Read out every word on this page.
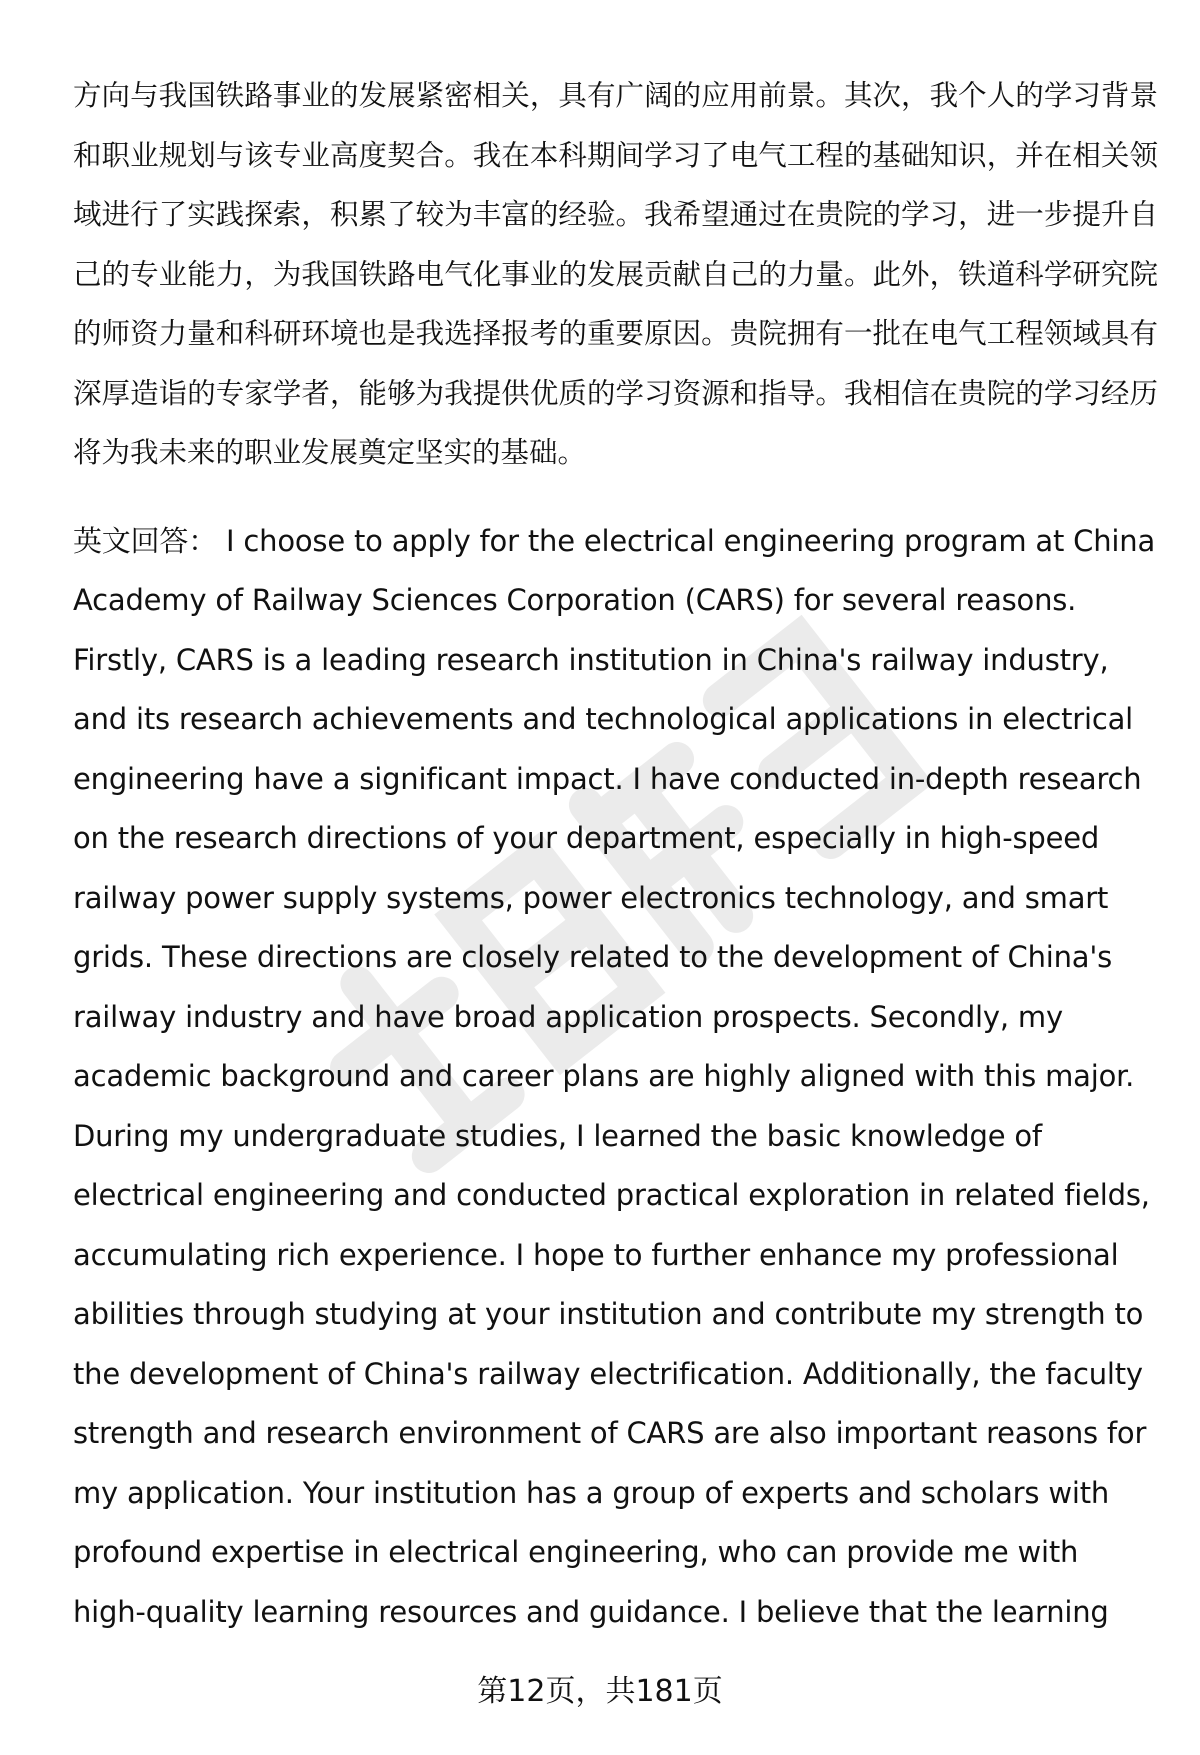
方向与我国铁路事业的发展紧密相关，具有广阔的应用前景。其次，我个人的学习背景和职业规划与该专业高度契合。我在本科期间学习了电气工程的基础知识，并在相关领域进行了实践探索，积累了较为丰富的经验。我希望通过在贵院的学习，进一步提升自己的专业能力，为我国铁路电气化事业的发展贡献自己的力量。此外，铁道科学研究院的师资力量和科研环境也是我选择报考的重要原因。贵院拥有一批在电气工程领域具有深厚造诣的专家学者，能够为我提供优质的学习资源和指导。我相信在贵院的学习经历将为我未来的职业发展奠定坚实的基础。

英文回答： I choose to apply for the electrical engineering program at China Academy of Railway Sciences Corporation (CARS) for several reasons. Firstly, CARS is a leading research institution in China's railway industry, and its research achievements and technological applications in electrical engineering have a significant impact. I have conducted in-depth research on the research directions of your department, especially in high-speed railway power supply systems, power electronics technology, and smart grids. These directions are closely related to the development of China's railway industry and have broad application prospects. Secondly, my academic background and career plans are highly aligned with this major. During my undergraduate studies, I learned the basic knowledge of electrical engineering and conducted practical exploration in related fields, accumulating rich experience. I hope to further enhance my professional abilities through studying at your institution and contribute my strength to the development of China's railway electrification. Additionally, the faculty strength and research environment of CARS are also important reasons for my application. Your institution has a group of experts and scholars with profound expertise in electrical engineering, who can provide me with high-quality learning resources and guidance. I believe that the learning

第12页，共181页
